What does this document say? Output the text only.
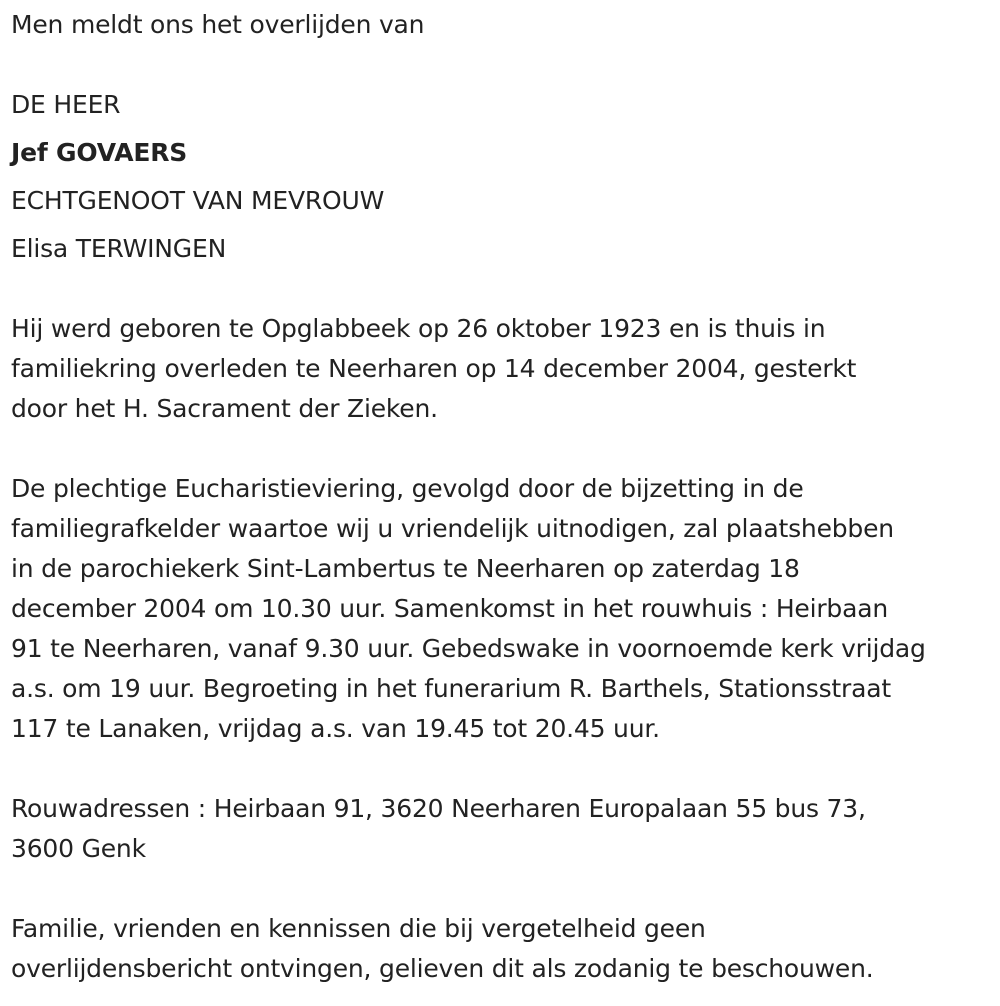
Men meldt ons het overlijden van

DE HEER

Jef GOVAERS

ECHTGENOOT VAN MEVROUW

Elisa TERWINGEN

Hij werd geboren te Opglabbeek op 26 oktober 1923 en is thuis in
familiekring overleden te Neerharen op 14 december 2004, gesterkt
door het H. Sacrament der Zieken.
De plechtige Eucharistieviering, gevolgd door de bijzetting in de
familiegrafkelder waartoe wij u vriendelijk uitnodigen, zal plaatshebben
in de parochiekerk Sint-Lambertus te Neerharen op zaterdag 18
december 2004 om 10.30 uur. Samenkomst in het rouwhuis : Heirbaan
91 te Neerharen, vanaf 9.30 uur. Gebedswake in voornoemde kerk vrijdag
a.s. om 19 uur. Begroeting in het funerarium R. Barthels, Stationsstraat
117 te Lanaken, vrijdag a.s. van 19.45 tot 20.45 uur.
Rouwadressen : Heirbaan 91, 3620 Neerharen Europalaan 55 bus 73,
3600 Genk
Familie, vrienden en kennissen die bij vergetelheid geen
overlijdensbericht ontvingen, gelieven dit als zodanig te beschouwen.
